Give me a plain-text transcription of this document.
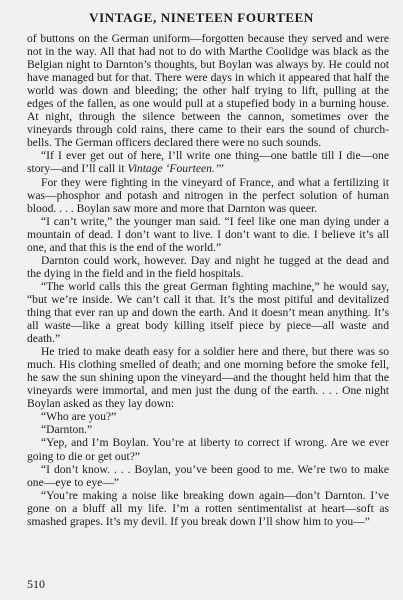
VINTAGE, NINETEEN FOURTEEN

of buttons on the German uniform—forgotten because they served and were not in the way. All that had not to do with Marthe Coolidge was black as the Belgian night to Darnton’s thoughts, but Boylan was always by. He could not have managed but for that. There were days in which it appeared that half the world was down and bleeding; the other half trying to lift, pulling at the edges of the fallen, as one would pull at a stupefied body in a burning house. At night, through the silence between the cannon, sometimes over the vineyards through cold rains, there came to their ears the sound of church-bells. The German officers declared there were no such sounds.

“If I ever get out of here, I’ll write one thing—one battle till I die—one story—and I’ll call it Vintage ‘Fourteen.’”

For they were fighting in the vineyard of France, and what a fertilizing it was—phosphor and potash and nitrogen in the perfect solution of human blood. . . . Boylan saw more and more that Darnton was queer.

“I can’t write,” the younger man said. “I feel like one man dying under a mountain of dead. I don’t want to live. I don’t want to die. I believe it’s all one, and that this is the end of the world.”

Darnton could work, however. Day and night he tugged at the dead and the dying in the field and in the field hospitals.

“The world calls this the great German fighting machine,” he would say, “but we’re inside. We can’t call it that. It’s the most pitiful and devitalized thing that ever ran up and down the earth. And it doesn’t mean anything. It’s all waste—like a great body killing itself piece by piece—all waste and death.”

He tried to make death easy for a soldier here and there, but there was so much. His clothing smelled of death; and one morning before the smoke fell, he saw the sun shining upon the vineyard—and the thought held him that the vineyards were immortal, and men just the dung of the earth. . . . One night Boylan asked as they lay down:

“Who are you?”

“Darnton.”

“Yep, and I’m Boylan. You’re at liberty to correct if wrong. Are we ever going to die or get out?”

“I don’t know. . . . Boylan, you’ve been good to me. We’re two to make one—eye to eye—”

“You’re making a noise like breaking down again—don’t Darnton. I’ve gone on a bluff all my life. I’m a rotten sentimentalist at heart—soft as smashed grapes. It’s my devil. If you break down I’ll show him to you—”

510
